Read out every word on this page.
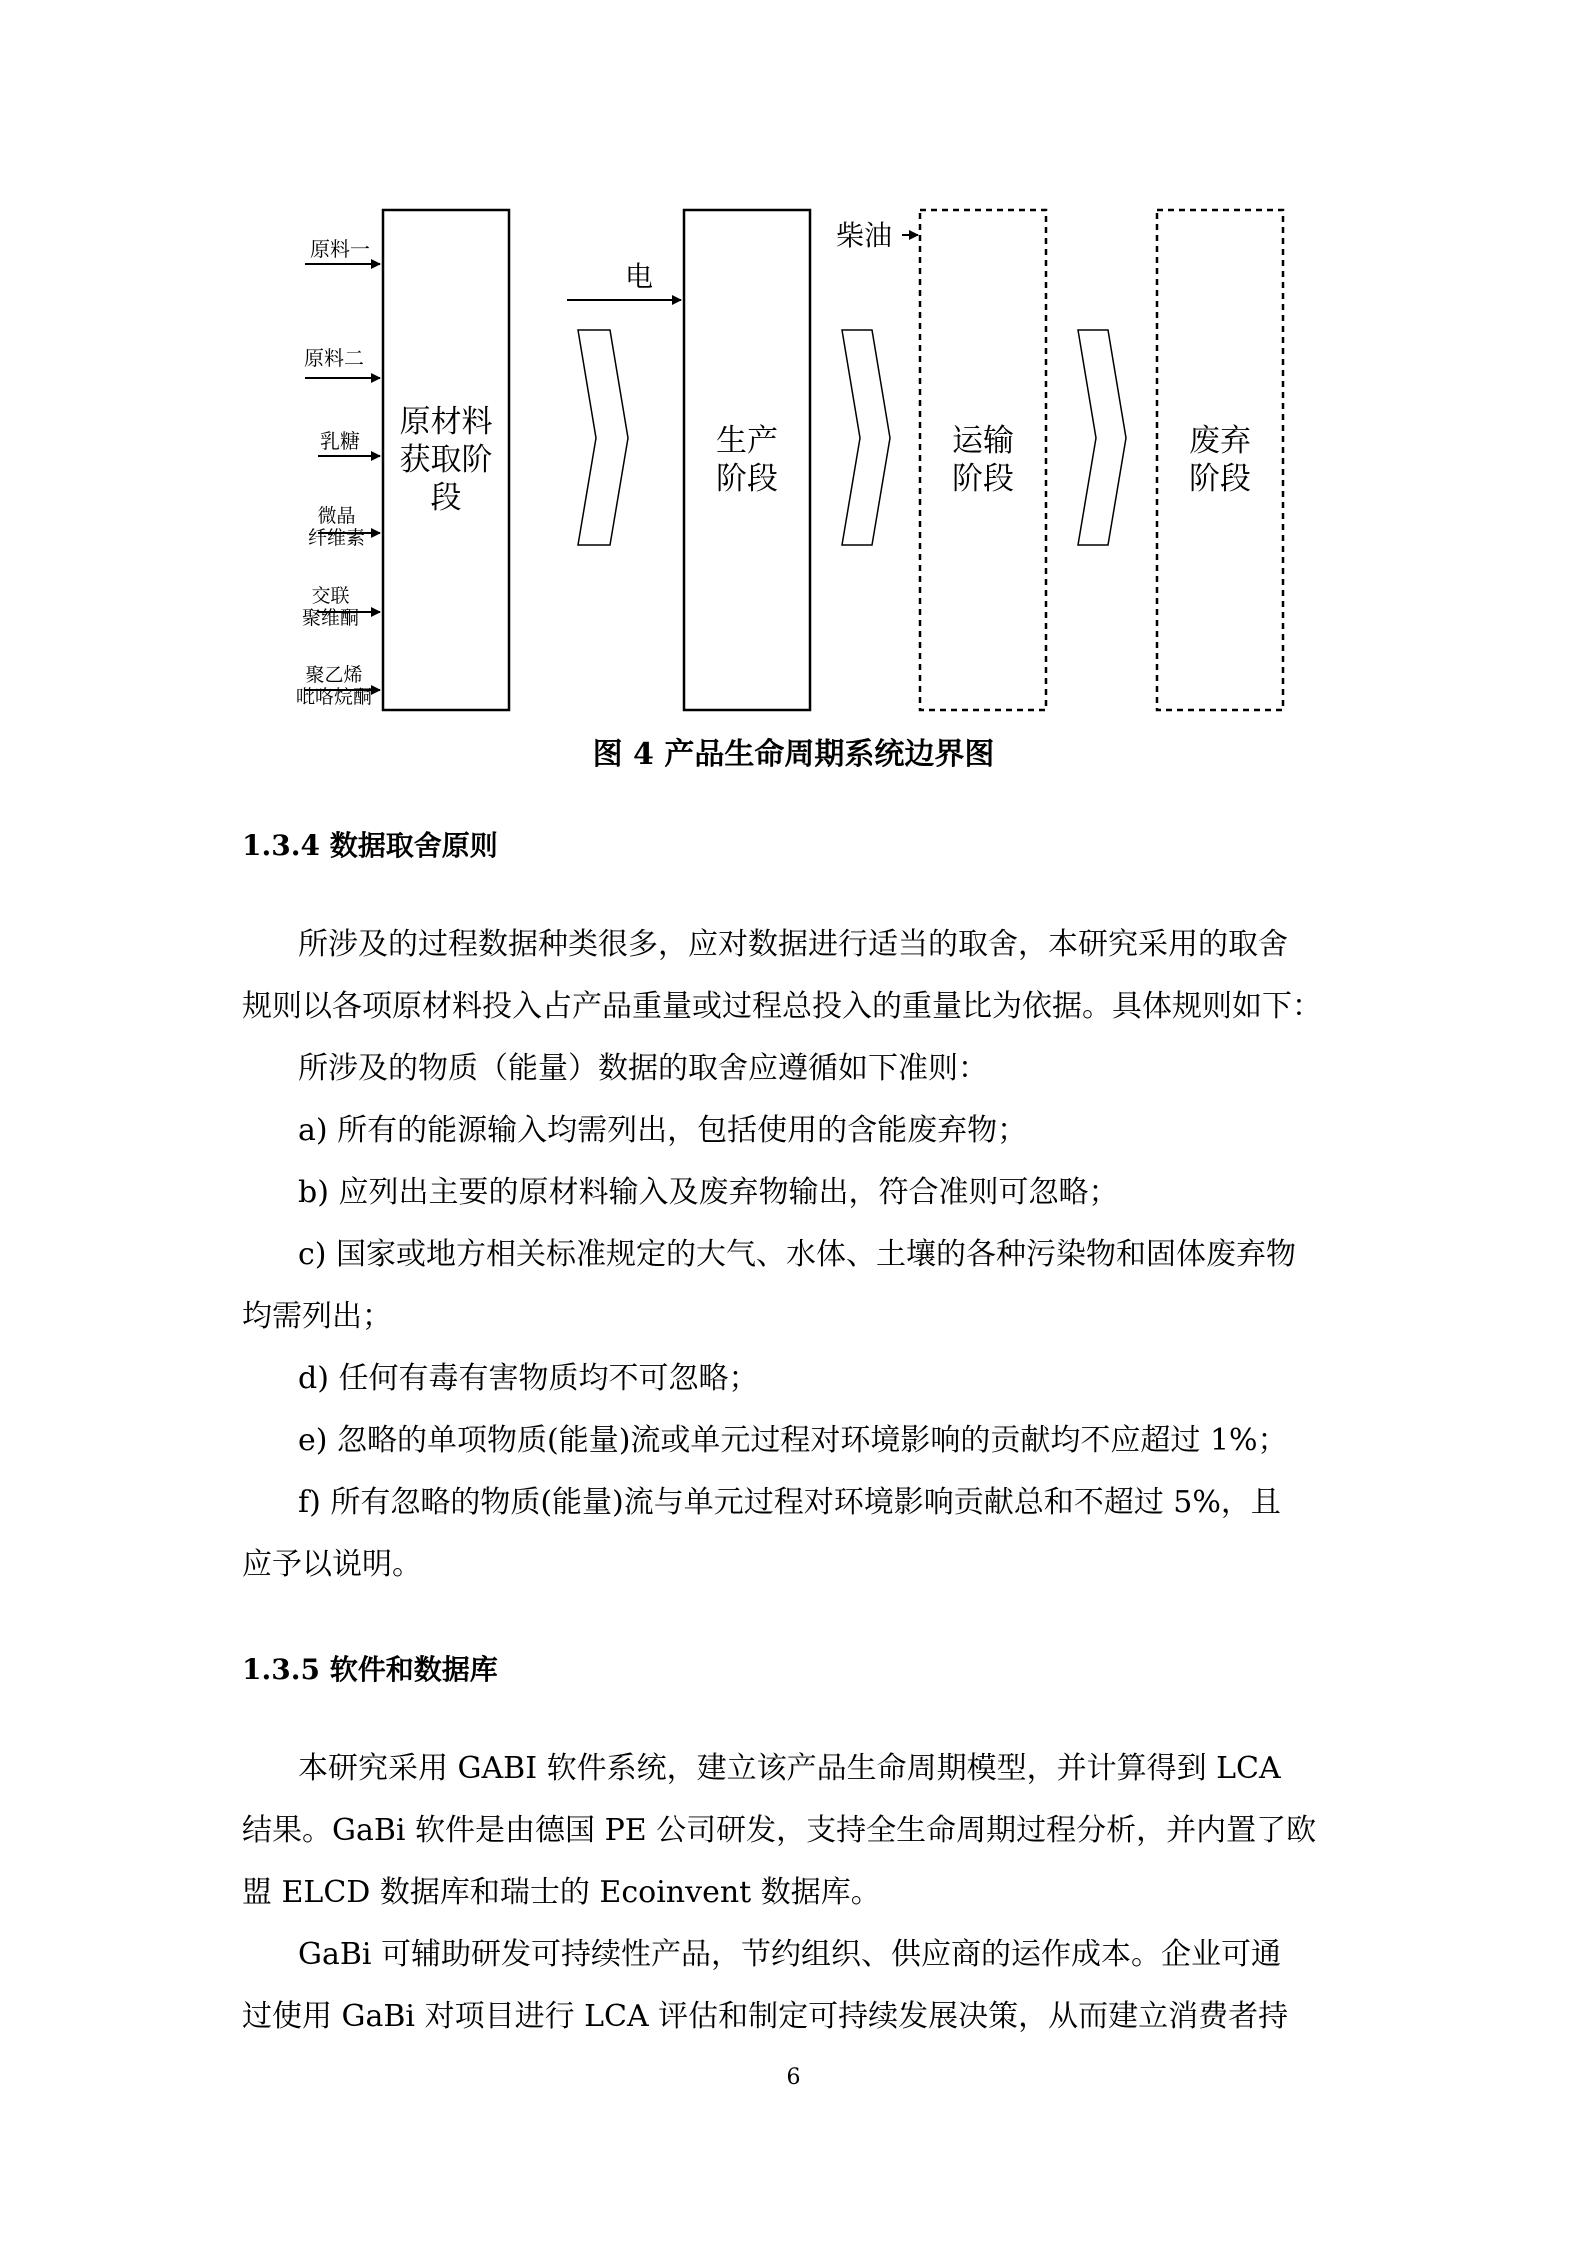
原料一
原料二
乳糖
微晶
纤维素
交联
聚维酮
聚乙烯
吡咯烷酮
电
柴油
原材料
获取阶
段
生产
阶段
运输
阶段
废弃
阶段
图 4 产品生命周期系统边界图
1.3.4 数据取舍原则
所涉及的过程数据种类很多，应对数据进行适当的取舍，本研究采用的取舍
规则以各项原材料投入占产品重量或过程总投入的重量比为依据。具体规则如下：
所涉及的物质（能量）数据的取舍应遵循如下准则：
a) 所有的能源输入均需列出，包括使用的含能废弃物；
b) 应列出主要的原材料输入及废弃物输出，符合准则可忽略；
c) 国家或地方相关标准规定的大气、水体、土壤的各种污染物和固体废弃物
均需列出；
d) 任何有毒有害物质均不可忽略；
e) 忽略的单项物质(能量)流或单元过程对环境影响的贡献均不应超过 1%；
f) 所有忽略的物质(能量)流与单元过程对环境影响贡献总和不超过 5%，且
应予以说明。
1.3.5 软件和数据库
本研究采用 GABI 软件系统，建立该产品生命周期模型，并计算得到 LCA
结果。GaBi 软件是由德国 PE 公司研发，支持全生命周期过程分析，并内置了欧
盟 ELCD 数据库和瑞士的 Ecoinvent 数据库。
GaBi 可辅助研发可持续性产品，节约组织、供应商的运作成本。企业可通
过使用 GaBi 对项目进行 LCA 评估和制定可持续发展决策，从而建立消费者持
6
